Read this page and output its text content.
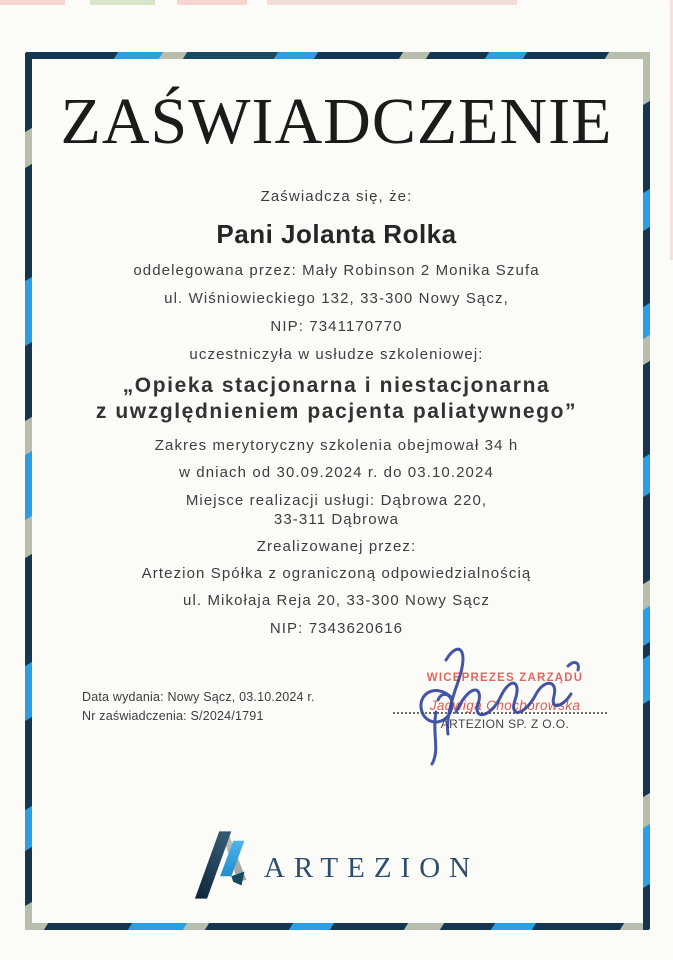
ZAŚWIADCZENIE
Zaświadcza się, że:
Pani Jolanta Rolka
oddelegowana przez: Mały Robinson 2 Monika Szufa
ul. Wiśniowieckiego 132, 33-300 Nowy Sącz,
NIP: 7341170770
uczestniczyła w usłudze szkoleniowej:
„Opieka stacjonarna i niestacjonarna
z uwzględnieniem pacjenta paliatywnego”
Zakres merytoryczny szkolenia obejmował 34 h
w dniach od 30.09.2024 r. do 03.10.2024
Miejsce realizacji usługi: Dąbrowa 220,
33-311 Dąbrowa
Zrealizowanej przez:
Artezion Spółka z ograniczoną odpowiedzialnością
ul. Mikołaja Reja 20, 33-300 Nowy Sącz
NIP: 7343620616
Data wydania: Nowy Sącz, 03.10.2024 r.
Nr zaświadczenia: S/2024/1791
WICEPREZES ZARZĄDU
Jadwiga Chochorowska
ARTEZION SP. Z O.O.
ARTEZION
